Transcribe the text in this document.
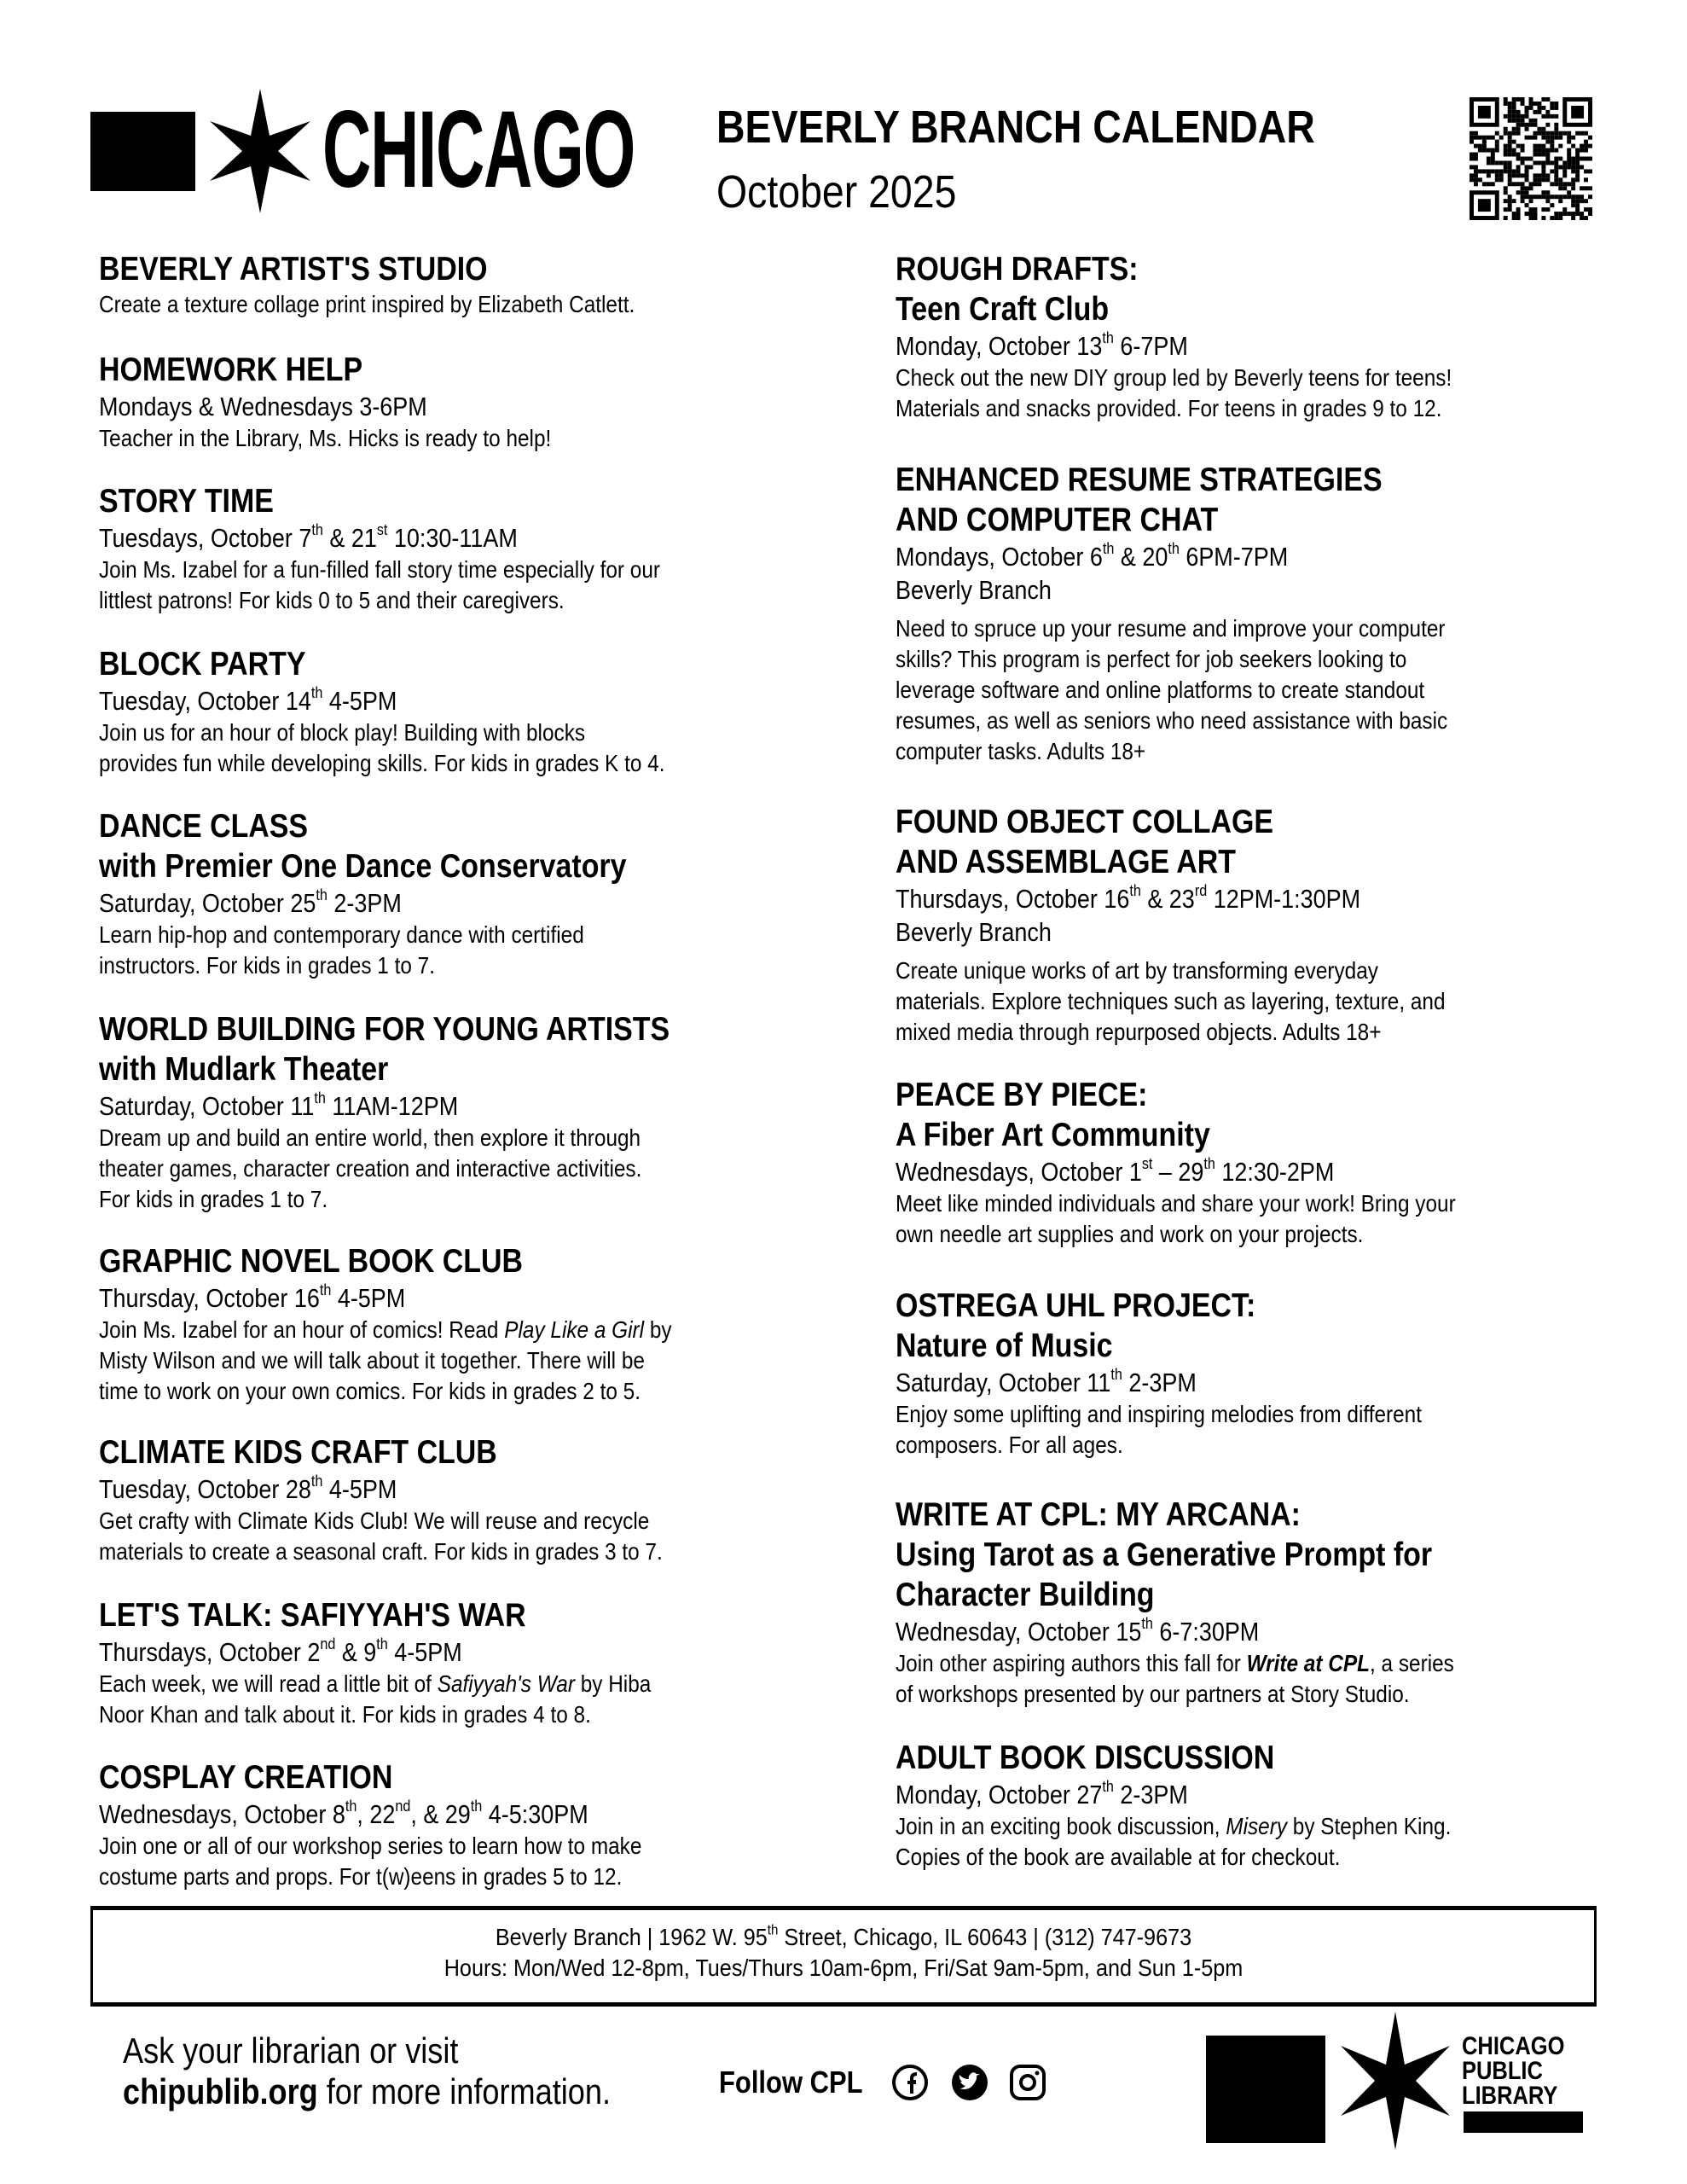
CHICAGO BEVERLY BRANCH CALENDAR
October 2025
BEVERLY ARTIST'S STUDIO
Create a texture collage print inspired by Elizabeth Catlett.
HOMEWORK HELP
Mondays & Wednesdays 3-6PM
Teacher in the Library, Ms. Hicks is ready to help!
STORY TIME
Tuesdays, October 7th & 21st 10:30-11AM
Join Ms. Izabel for a fun-filled fall story time especially for our
littlest patrons! For kids 0 to 5 and their caregivers.
BLOCK PARTY
Tuesday, October 14th 4-5PM
Join us for an hour of block play! Building with blocks
provides fun while developing skills. For kids in grades K to 4.
DANCE CLASS
with Premier One Dance Conservatory
Saturday, October 25th 2-3PM
Learn hip-hop and contemporary dance with certified
instructors. For kids in grades 1 to 7.
WORLD BUILDING FOR YOUNG ARTISTS
with Mudlark Theater
Saturday, October 11th 11AM-12PM
Dream up and build an entire world, then explore it through
theater games, character creation and interactive activities.
For kids in grades 1 to 7.
GRAPHIC NOVEL BOOK CLUB
Thursday, October 16th 4-5PM
Join Ms. Izabel for an hour of comics! Read Play Like a Girl by
Misty Wilson and we will talk about it together. There will be
time to work on your own comics. For kids in grades 2 to 5.
CLIMATE KIDS CRAFT CLUB
Tuesday, October 28th 4-5PM
Get crafty with Climate Kids Club! We will reuse and recycle
materials to create a seasonal craft. For kids in grades 3 to 7.
LET'S TALK: SAFIYYAH'S WAR
Thursdays, October 2nd & 9th 4-5PM
Each week, we will read a little bit of Safiyyah's War by Hiba
Noor Khan and talk about it. For kids in grades 4 to 8.
COSPLAY CREATION
Wednesdays, October 8th, 22nd, & 29th 4-5:30PM
Join one or all of our workshop series to learn how to make
costume parts and props. For t(w)eens in grades 5 to 12.
ROUGH DRAFTS:
Teen Craft Club
Monday, October 13th 6-7PM
Check out the new DIY group led by Beverly teens for teens!
Materials and snacks provided. For teens in grades 9 to 12.
ENHANCED RESUME STRATEGIES
AND COMPUTER CHAT
Mondays, October 6th & 20th 6PM-7PM
Beverly Branch
Need to spruce up your resume and improve your computer
skills? This program is perfect for job seekers looking to
leverage software and online platforms to create standout
resumes, as well as seniors who need assistance with basic
computer tasks. Adults 18+
FOUND OBJECT COLLAGE
AND ASSEMBLAGE ART
Thursdays, October 16th & 23rd 12PM-1:30PM
Beverly Branch
Create unique works of art by transforming everyday
materials. Explore techniques such as layering, texture, and
mixed media through repurposed objects. Adults 18+
PEACE BY PIECE:
A Fiber Art Community
Wednesdays, October 1st – 29th 12:30-2PM
Meet like minded individuals and share your work! Bring your
own needle art supplies and work on your projects.
OSTREGA UHL PROJECT:
Nature of Music
Saturday, October 11th 2-3PM
Enjoy some uplifting and inspiring melodies from different
composers. For all ages.
WRITE AT CPL: MY ARCANA:
Using Tarot as a Generative Prompt for
Character Building
Wednesday, October 15th 6-7:30PM
Join other aspiring authors this fall for Write at CPL, a series
of workshops presented by our partners at Story Studio.
ADULT BOOK DISCUSSION
Monday, October 27th 2-3PM
Join in an exciting book discussion, Misery by Stephen King.
Copies of the book are available at for checkout.
Beverly Branch | 1962 W. 95th Street, Chicago, IL 60643 | (312) 747-9673
Hours: Mon/Wed 12-8pm, Tues/Thurs 10am-6pm, Fri/Sat 9am-5pm, and Sun 1-5pm
Ask your librarian or visit
chipublib.org for more information.	Follow CPL
CHICAGO
PUBLIC
LIBRARY
